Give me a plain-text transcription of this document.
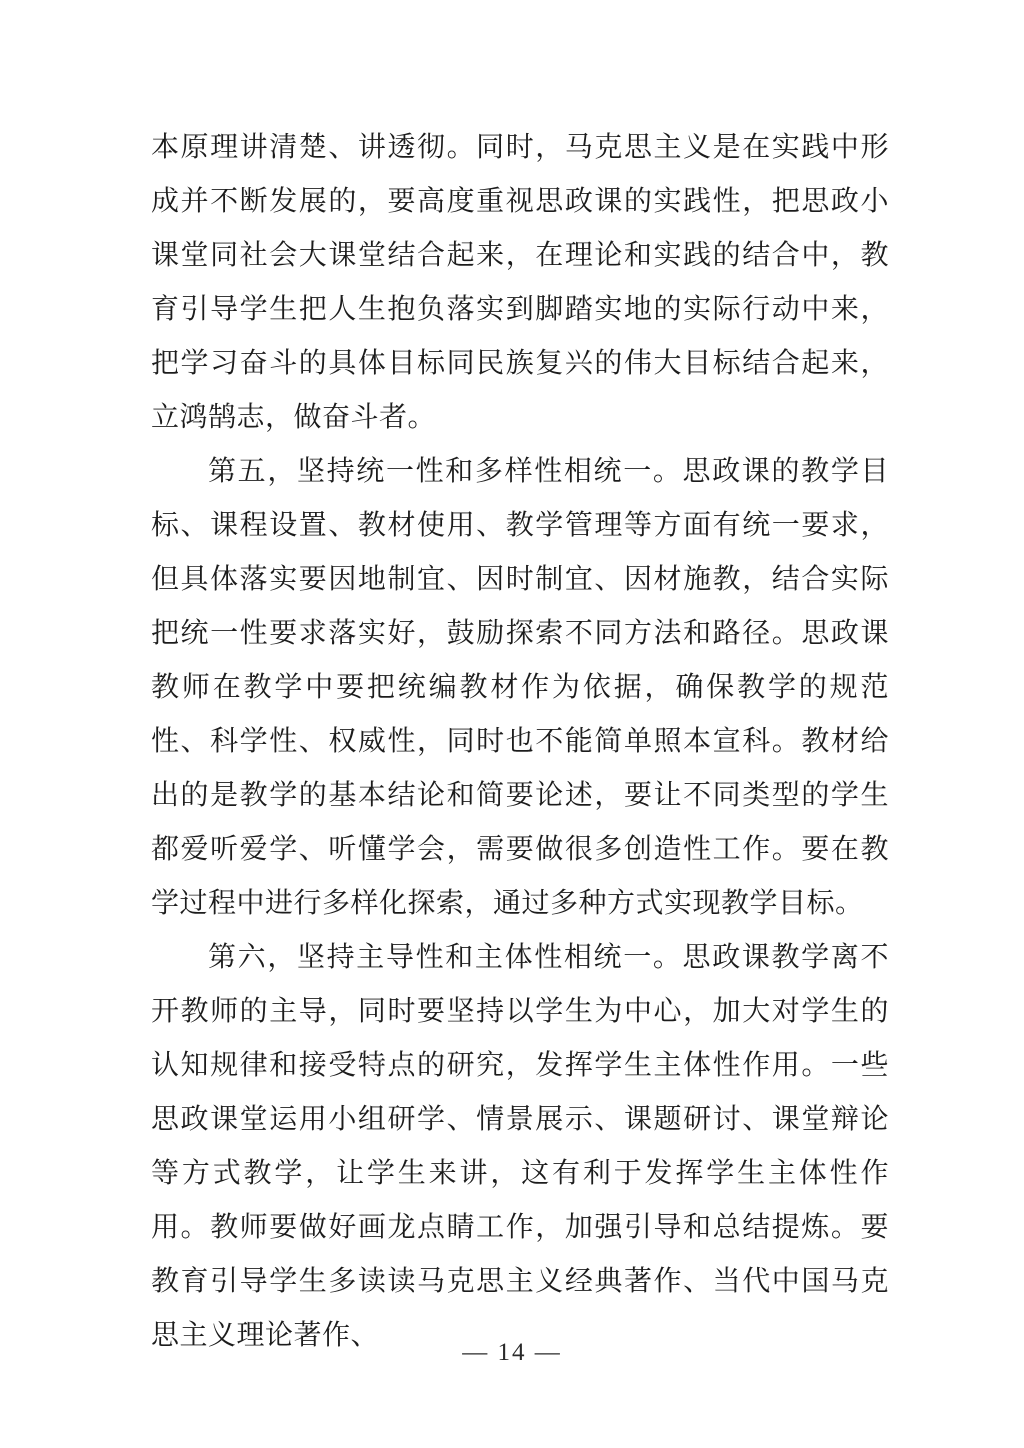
本原理讲清楚、讲透彻。同时，马克思主义是在实践中形成并不断发展的，要高度重视思政课的实践性，把思政小课堂同社会大课堂结合起来，在理论和实践的结合中，教育引导学生把人生抱负落实到脚踏实地的实际行动中来，把学习奋斗的具体目标同民族复兴的伟大目标结合起来，立鸿鹄志，做奋斗者。

第五，坚持统一性和多样性相统一。思政课的教学目标、课程设置、教材使用、教学管理等方面有统一要求，但具体落实要因地制宜、因时制宜、因材施教，结合实际把统一性要求落实好，鼓励探索不同方法和路径。思政课教师在教学中要把统编教材作为依据，确保教学的规范性、科学性、权威性，同时也不能简单照本宣科。教材给出的是教学的基本结论和简要论述，要让不同类型的学生都爱听爱学、听懂学会，需要做很多创造性工作。要在教学过程中进行多样化探索，通过多种方式实现教学目标。

第六，坚持主导性和主体性相统一。思政课教学离不开教师的主导，同时要坚持以学生为中心，加大对学生的认知规律和接受特点的研究，发挥学生主体性作用。一些思政课堂运用小组研学、情景展示、课题研讨、课堂辩论等方式教学，让学生来讲，这有利于发挥学生主体性作用。教师要做好画龙点睛工作，加强引导和总结提炼。要教育引导学生多读读马克思主义经典著作、当代中国马克思主义理论著作、

— 14 —
